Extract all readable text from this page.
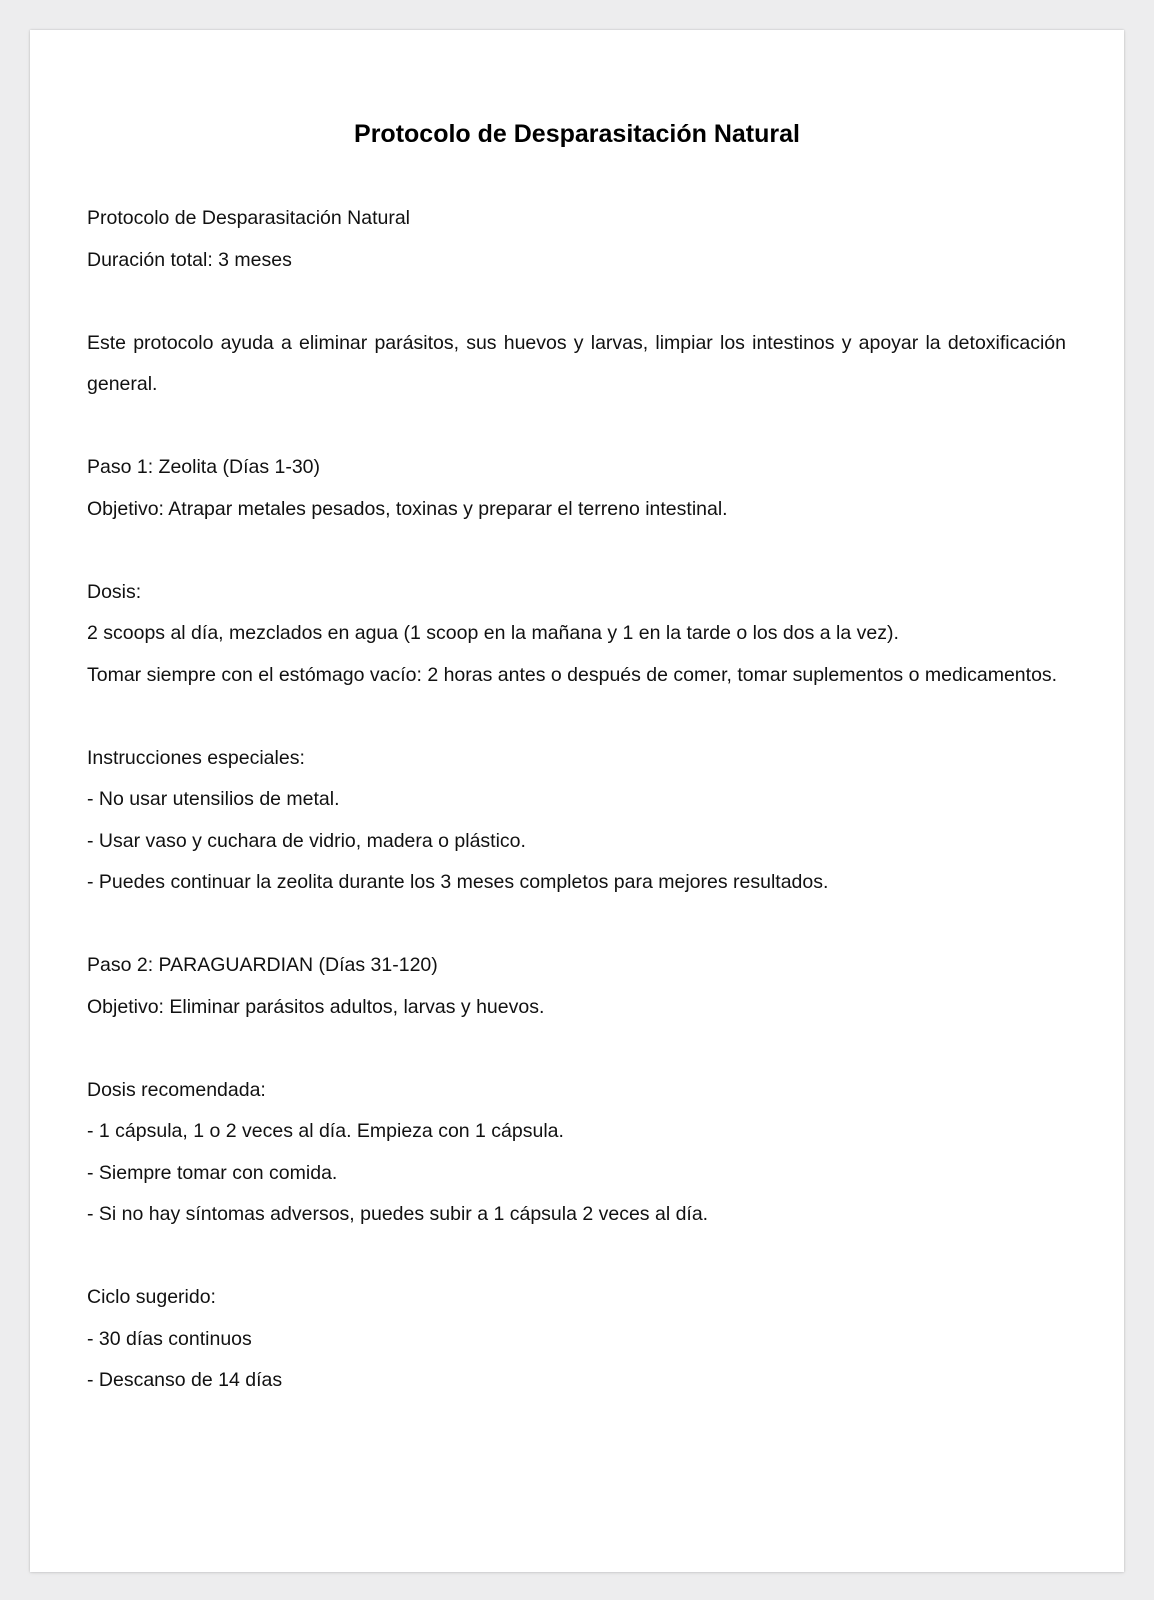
Protocolo de Desparasitación Natural

Protocolo de Desparasitación Natural

Duración total: 3 meses

Este protocolo ayuda a eliminar parásitos, sus huevos y larvas, limpiar los intestinos y apoyar la detoxificación general.

Paso 1: Zeolita (Días 1-30)

Objetivo: Atrapar metales pesados, toxinas y preparar el terreno intestinal.

Dosis:

2 scoops al día, mezclados en agua (1 scoop en la mañana y 1 en la tarde o los dos a la vez).

Tomar siempre con el estómago vacío: 2 horas antes o después de comer, tomar suplementos o medicamentos.

Instrucciones especiales:

- No usar utensilios de metal.

- Usar vaso y cuchara de vidrio, madera o plástico.

- Puedes continuar la zeolita durante los 3 meses completos para mejores resultados.

Paso 2: PARAGUARDIAN (Días 31-120)

Objetivo: Eliminar parásitos adultos, larvas y huevos.

Dosis recomendada:

- 1 cápsula, 1 o 2 veces al día. Empieza con 1 cápsula.

- Siempre tomar con comida.

- Si no hay síntomas adversos, puedes subir a 1 cápsula 2 veces al día.

Ciclo sugerido:

- 30 días continuos

- Descanso de 14 días
